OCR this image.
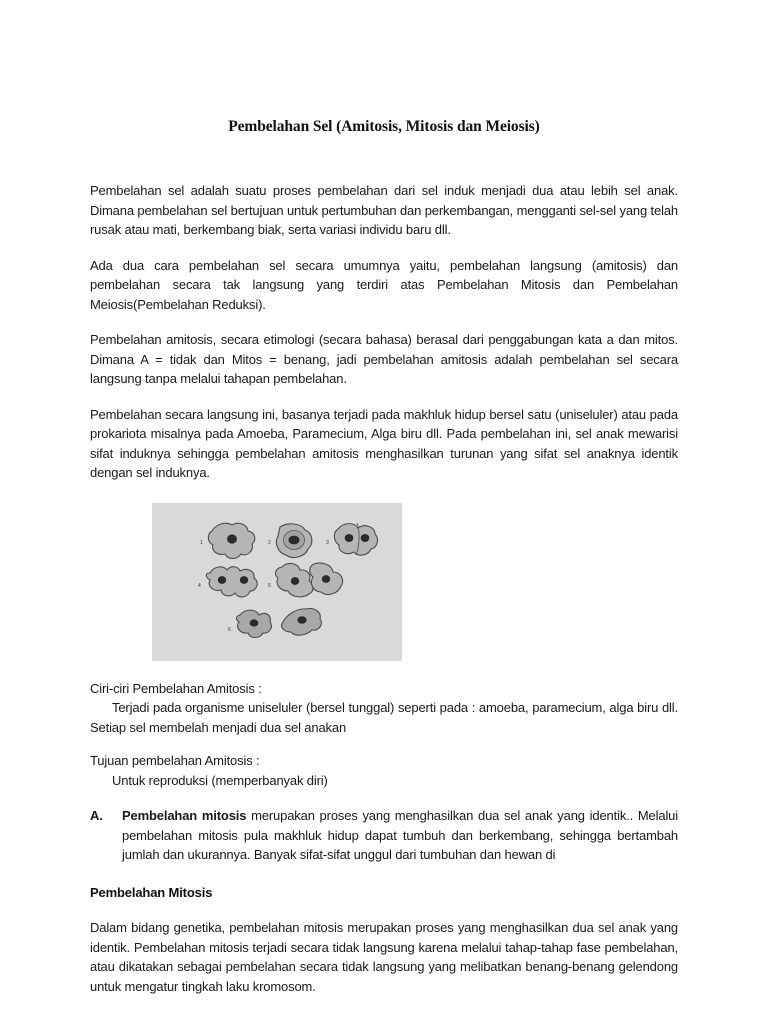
Pembelahan Sel (Amitosis, Mitosis dan Meiosis)

Pembelahan sel adalah suatu proses pembelahan dari sel induk menjadi dua atau lebih sel anak. Dimana pembelahan sel bertujuan untuk pertumbuhan dan perkembangan, mengganti sel-sel yang telah rusak atau mati, berkembang biak, serta variasi individu baru dll.

Ada dua cara pembelahan sel secara umumnya yaitu, pembelahan langsung (amitosis) dan pembelahan secara tak langsung yang terdiri atas Pembelahan Mitosis dan Pembelahan Meiosis(Pembelahan Reduksi).

Pembelahan amitosis, secara etimologi (secara bahasa) berasal dari penggabungan kata a dan mitos. Dimana A = tidak dan Mitos = benang, jadi pembelahan amitosis adalah pembelahan sel secara langsung tanpa melalui tahapan pembelahan.

Pembelahan secara langsung ini, basanya terjadi pada makhluk hidup bersel satu (uniseluler) atau pada prokariota misalnya pada Amoeba, Paramecium, Alga biru dll. Pada pembelahan ini, sel anak mewarisi sifat induknya sehingga pembelahan amitosis menghasilkan turunan yang sifat sel anaknya identik dengan sel induknya.

1	2	3
4	5
6

Ciri-ciri Pembelahan Amitosis :

Terjadi pada organisme uniseluler (bersel tunggal) seperti pada : amoeba, paramecium, alga biru dll. Setiap sel membelah menjadi dua sel anakan

Tujuan pembelahan Amitosis :

Untuk reproduksi (memperbanyak diri)

A. Pembelahan mitosis merupakan proses yang menghasilkan dua sel anak yang identik.. Melalui pembelahan mitosis pula makhluk hidup dapat tumbuh dan berkembang, sehingga bertambah jumlah dan ukurannya. Banyak sifat-sifat unggul dari tumbuhan dan hewan di

Pembelahan Mitosis

Dalam bidang genetika, pembelahan mitosis merupakan proses yang menghasilkan dua sel anak yang identik. Pembelahan mitosis terjadi secara tidak langsung karena melalui tahap-tahap fase pembelahan, atau dikatakan sebagai pembelahan secara tidak langsung yang melibatkan benang-benang gelendong untuk mengatur tingkah laku kromosom.
